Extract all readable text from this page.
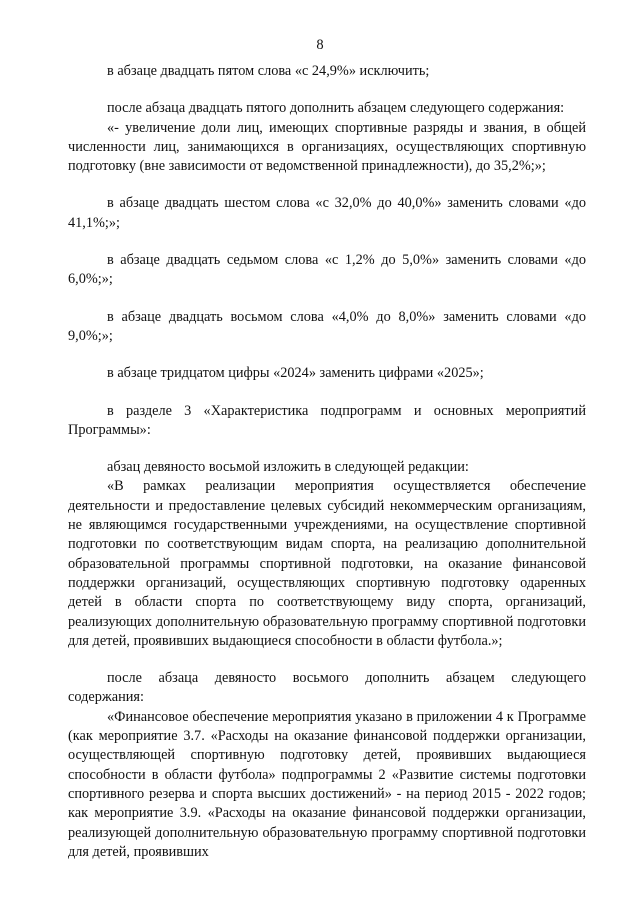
8

в абзаце двадцать пятом слова «с 24,9%» исключить;

после абзаца двадцать пятого дополнить абзацем следующего содержания:

«- увеличение доли лиц, имеющих спортивные разряды и звания, в общей численности лиц, занимающихся в организациях, осуществляющих спортивную подготовку (вне зависимости от ведомственной принадлежности), до 35,2%;»;

в абзаце двадцать шестом слова «с 32,0% до 40,0%» заменить словами «до 41,1%;»;

в абзаце двадцать седьмом слова «с 1,2% до 5,0%» заменить словами «до 6,0%;»;

в абзаце двадцать восьмом слова «4,0% до 8,0%» заменить словами «до 9,0%;»;

в абзаце тридцатом цифры «2024» заменить цифрами «2025»;

в разделе 3 «Характеристика подпрограмм и основных мероприятий Программы»:

абзац девяносто восьмой изложить в следующей редакции:

«В рамках реализации мероприятия осуществляется обеспечение деятельности и предоставление целевых субсидий некоммерческим организациям, не являющимся государственными учреждениями, на осуществление спортивной подготовки по соответствующим видам спорта, на реализацию дополнительной образовательной программы спортивной подготовки, на оказание финансовой поддержки организаций, осуществляющих спортивную подготовку одаренных детей в области спорта по соответствующему виду спорта, организаций, реализующих дополнительную образовательную программу спортивной подготовки для детей, проявивших выдающиеся способности в области футбола.»;

после абзаца девяносто восьмого дополнить абзацем следующего содержания:

«Финансовое обеспечение мероприятия указано в приложении 4 к Программе (как мероприятие 3.7. «Расходы на оказание финансовой поддержки организации, осуществляющей спортивную подготовку детей, проявивших выдающиеся способности в области футбола» подпрограммы 2 «Развитие системы подготовки спортивного резерва и спорта высших достижений» - на период 2015 - 2022 годов; как мероприятие 3.9. «Расходы на оказание финансовой поддержки организации, реализующей дополнительную образовательную программу спортивной подготовки для детей, проявивших
